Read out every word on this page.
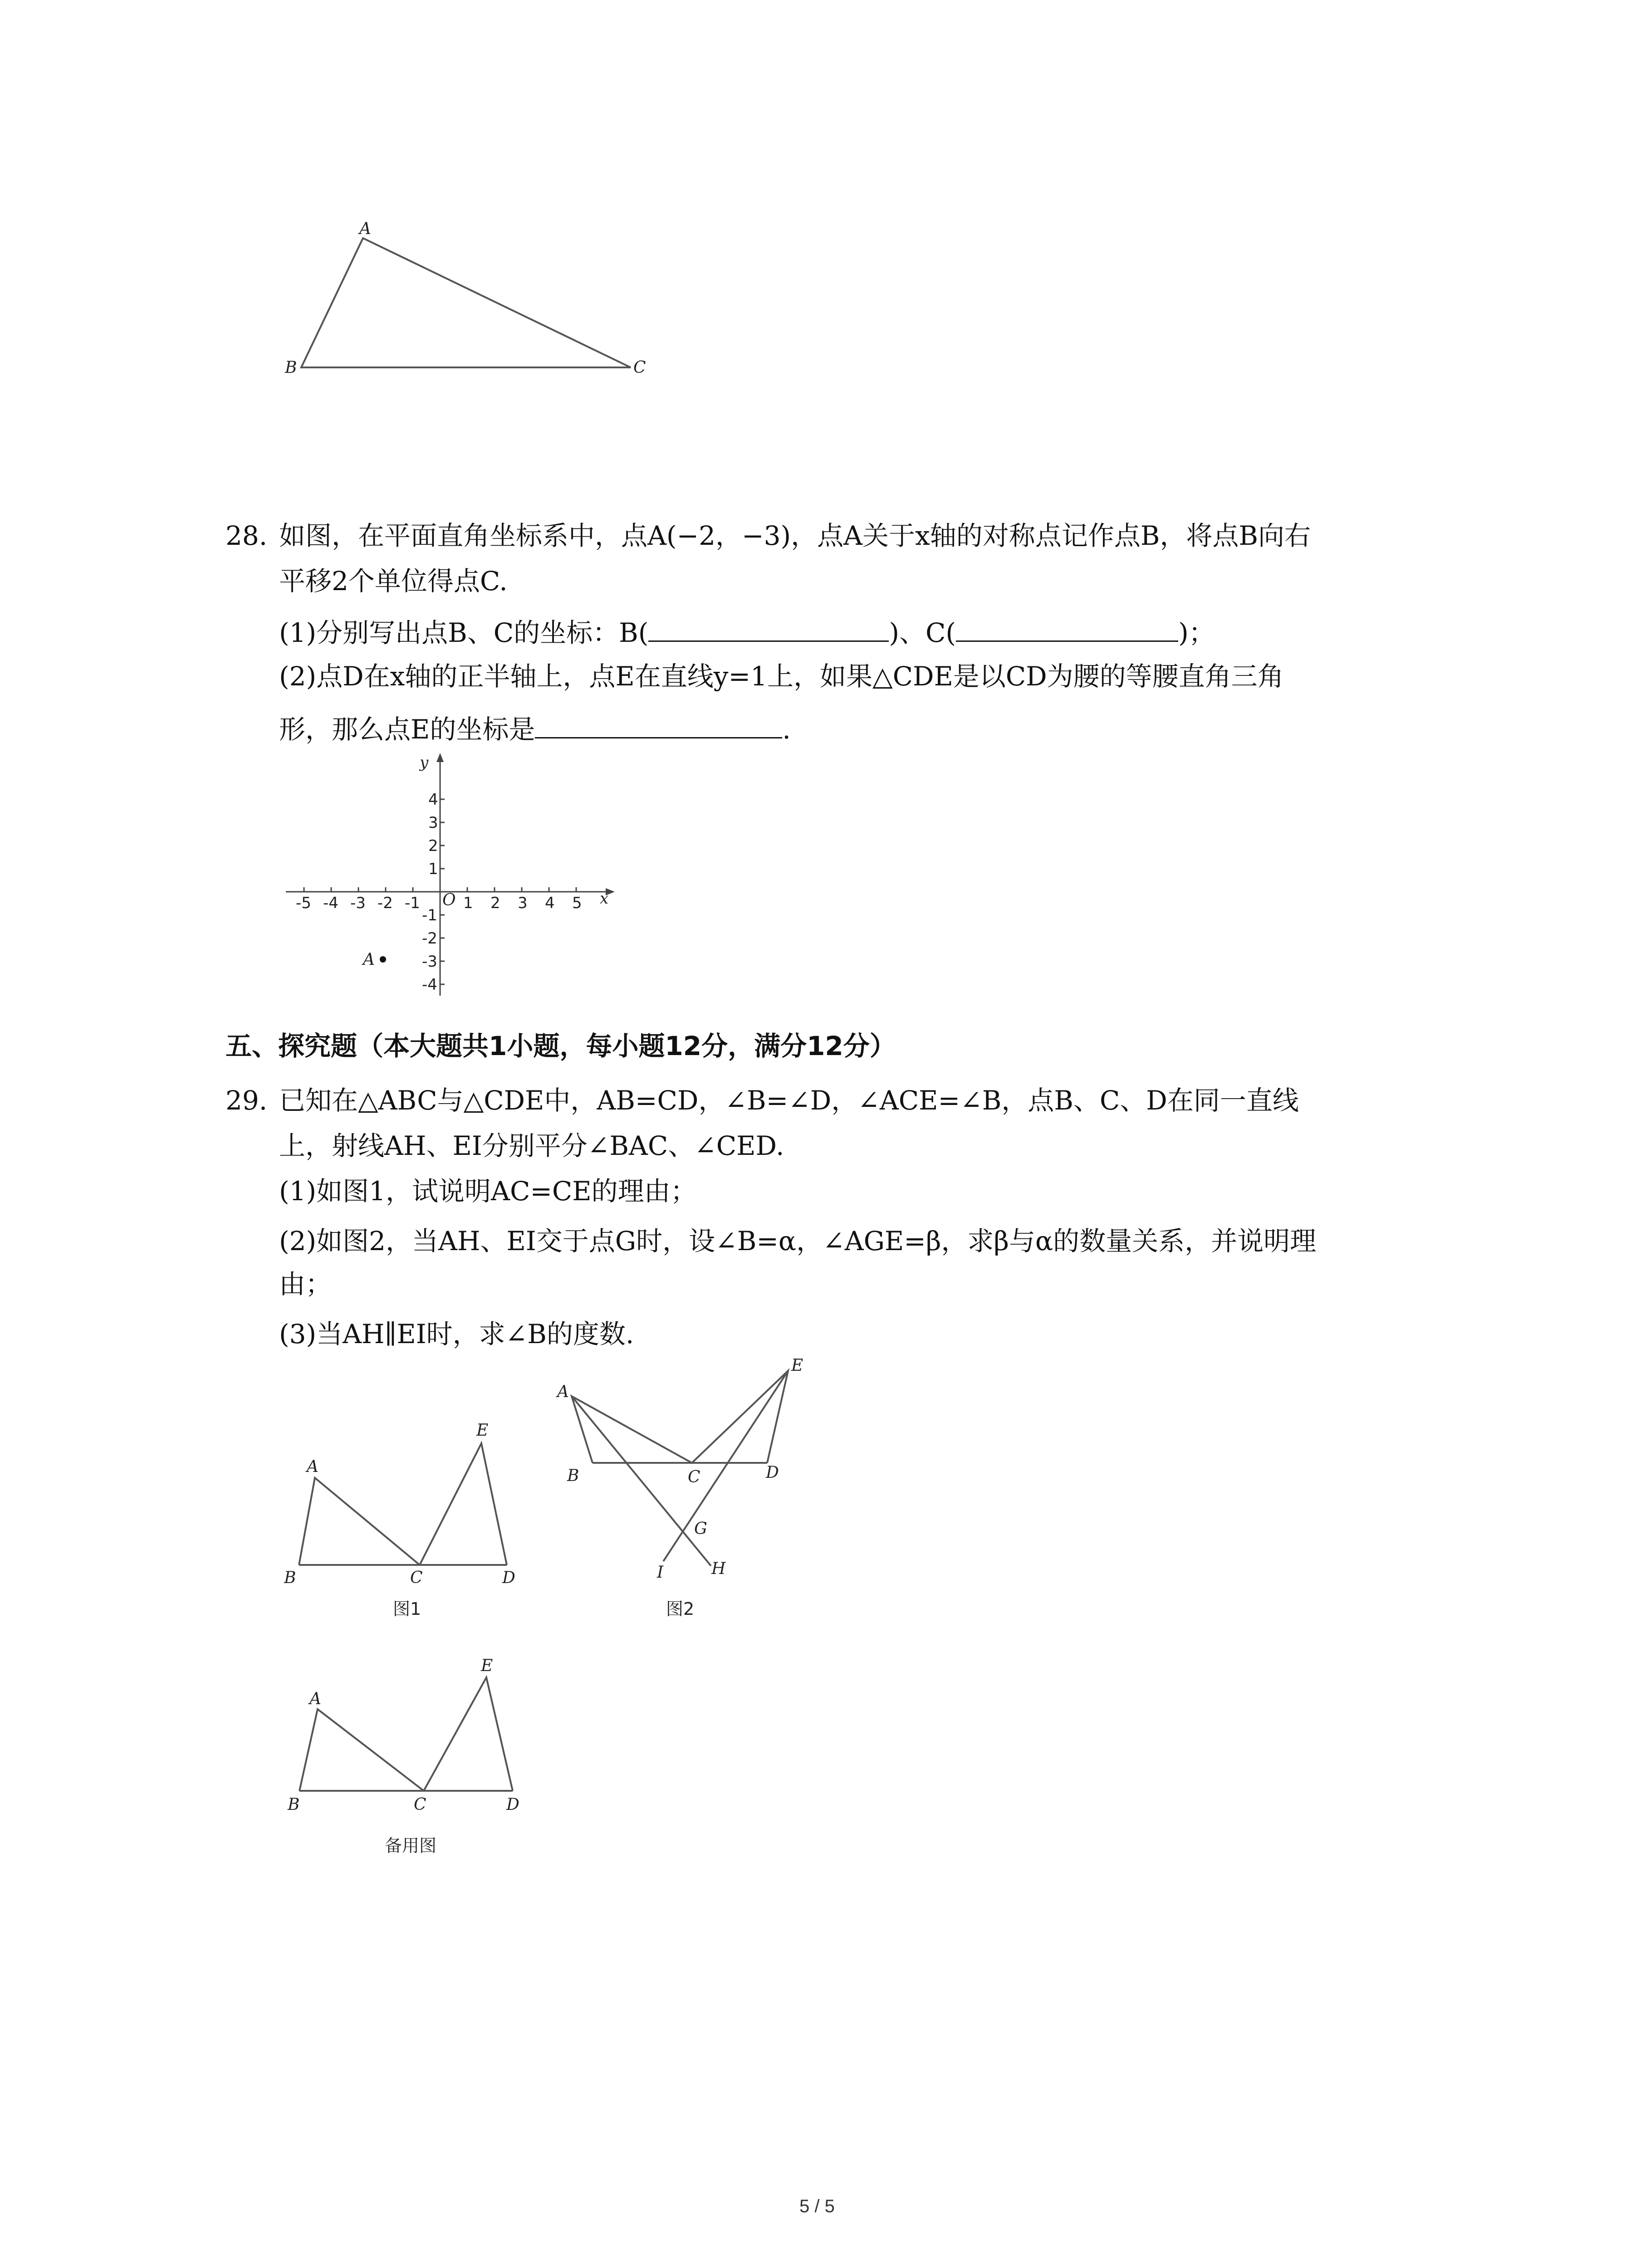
A
B	C
28. 如图，在平面直角坐标系中，点A(−2，−3)，点A关于x轴的对称点记作点B，将点B向右
平移2个单位得点C.
(1)分别写出点B、C的坐标：B(	)、C(	)；
(2)点D在x轴的正半轴上，点E在直线y=1上，如果△CDE是以CD为腰的等腰直角三角
形，那么点E的坐标是	.
-5 -4 -3 -2 -1	1 2 3 4 5
4
3
2
1
-1
-2
-3
-4
x
y
O
A
五、探究题（本大题共1小题，每小题12分，满分12分）
29. 已知在△ABC与△CDE中，AB=CD，∠B=∠D，∠ACE=∠B，点B、C、D在同一直线
上，射线AH、EI分别平分∠BAC、∠CED.
(1)如图1，试说明AC=CE的理由；
(2)如图2，当AH、EI交于点G时，设∠B=α，∠AGE=β，求β与α的数量关系，并说明理
由；
(3)当AH∥EI时，求∠B的度数.
A
B	C	D
E
图1
A
B	C	D
E
G
I	H
图2
A
B	C	D
E
备用图
5 / 5
